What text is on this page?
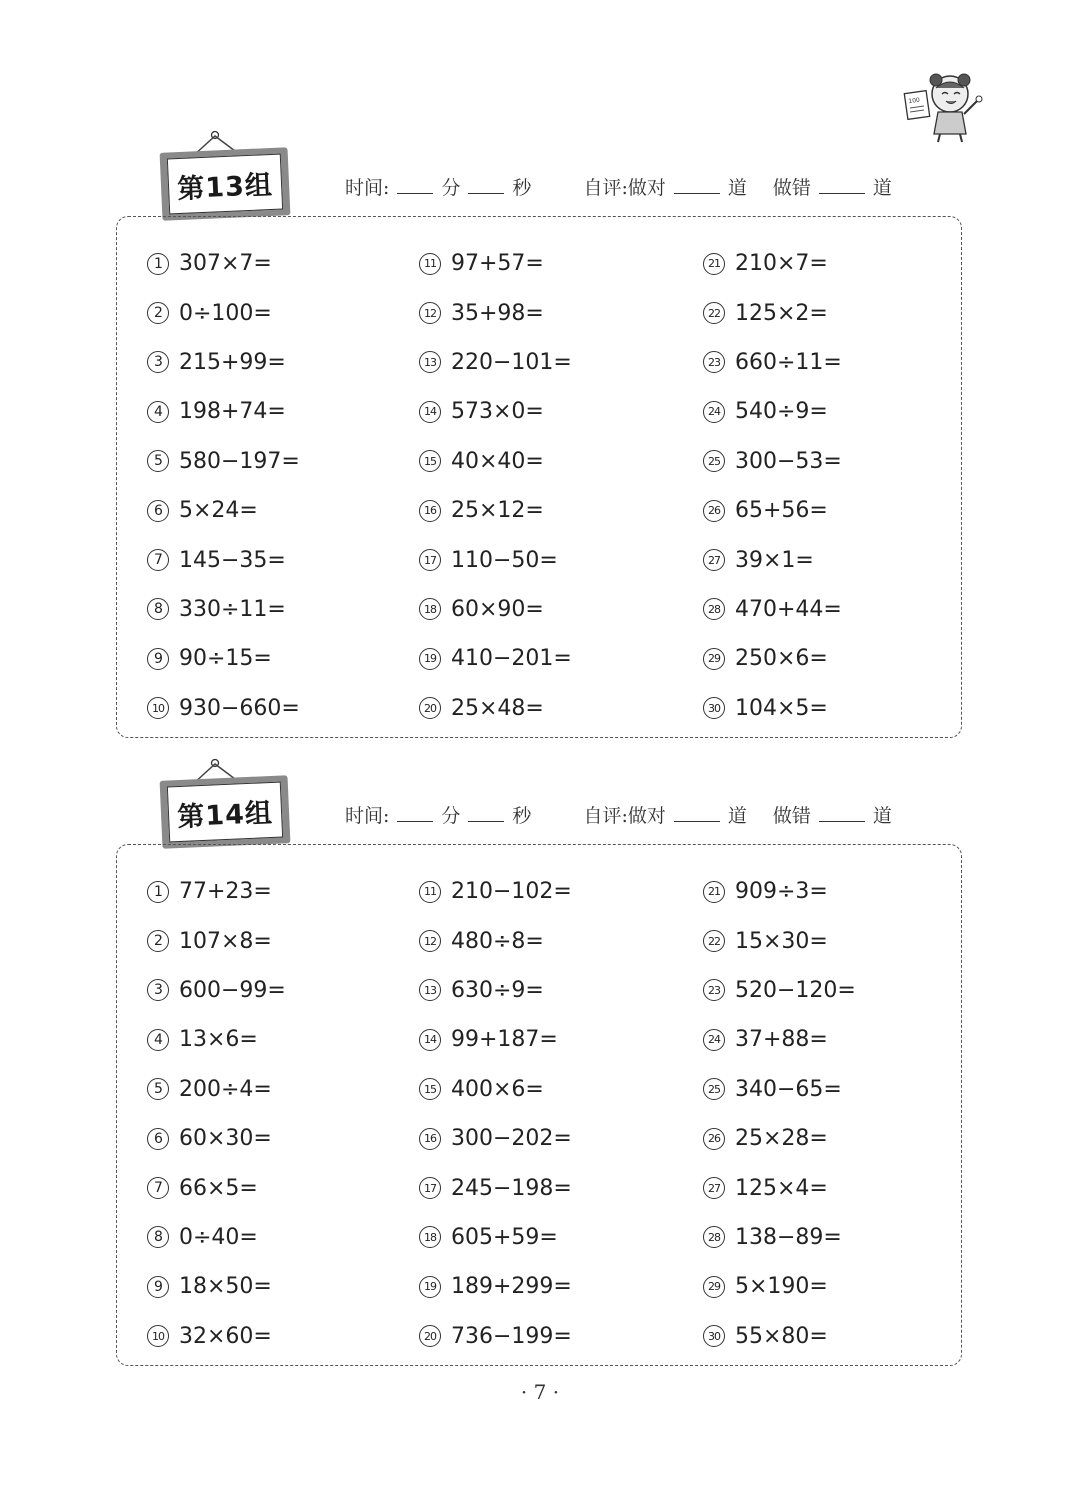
100
第13组	时间:	分	秒	自评:做对	道 做错	道
1 307×7=
2 0÷100=
3 215+99=
4 198+74=
5 580−197=
6 5×24=
7 145−35=
8 330÷11=
9 90÷15=
10 930−660=
11 97+57=
12 35+98=
13 220−101=
14 573×0=
15 40×40=
16 25×12=
17 110−50=
18 60×90=
19 410−201=
20 25×48=
21 210×7=
22 125×2=
23 660÷11=
24 540÷9=
25 300−53=
26 65+56=
27 39×1=
28 470+44=
29 250×6=
30 104×5=
第14组	时间:	分	秒	自评:做对	道 做错	道
1 77+23=
2 107×8=
3 600−99=
4 13×6=
5 200÷4=
6 60×30=
7 66×5=
8 0÷40=
9 18×50=
10 32×60=
11 210−102=
12 480÷8=
13 630÷9=
14 99+187=
15 400×6=
16 300−202=
17 245−198=
18 605+59=
19 189+299=
20 736−199=
21 909÷3=
22 15×30=
23 520−120=
24 37+88=
25 340−65=
26 25×28=
27 125×4=
28 138−89=
29 5×190=
30 55×80=
· 7 ·
